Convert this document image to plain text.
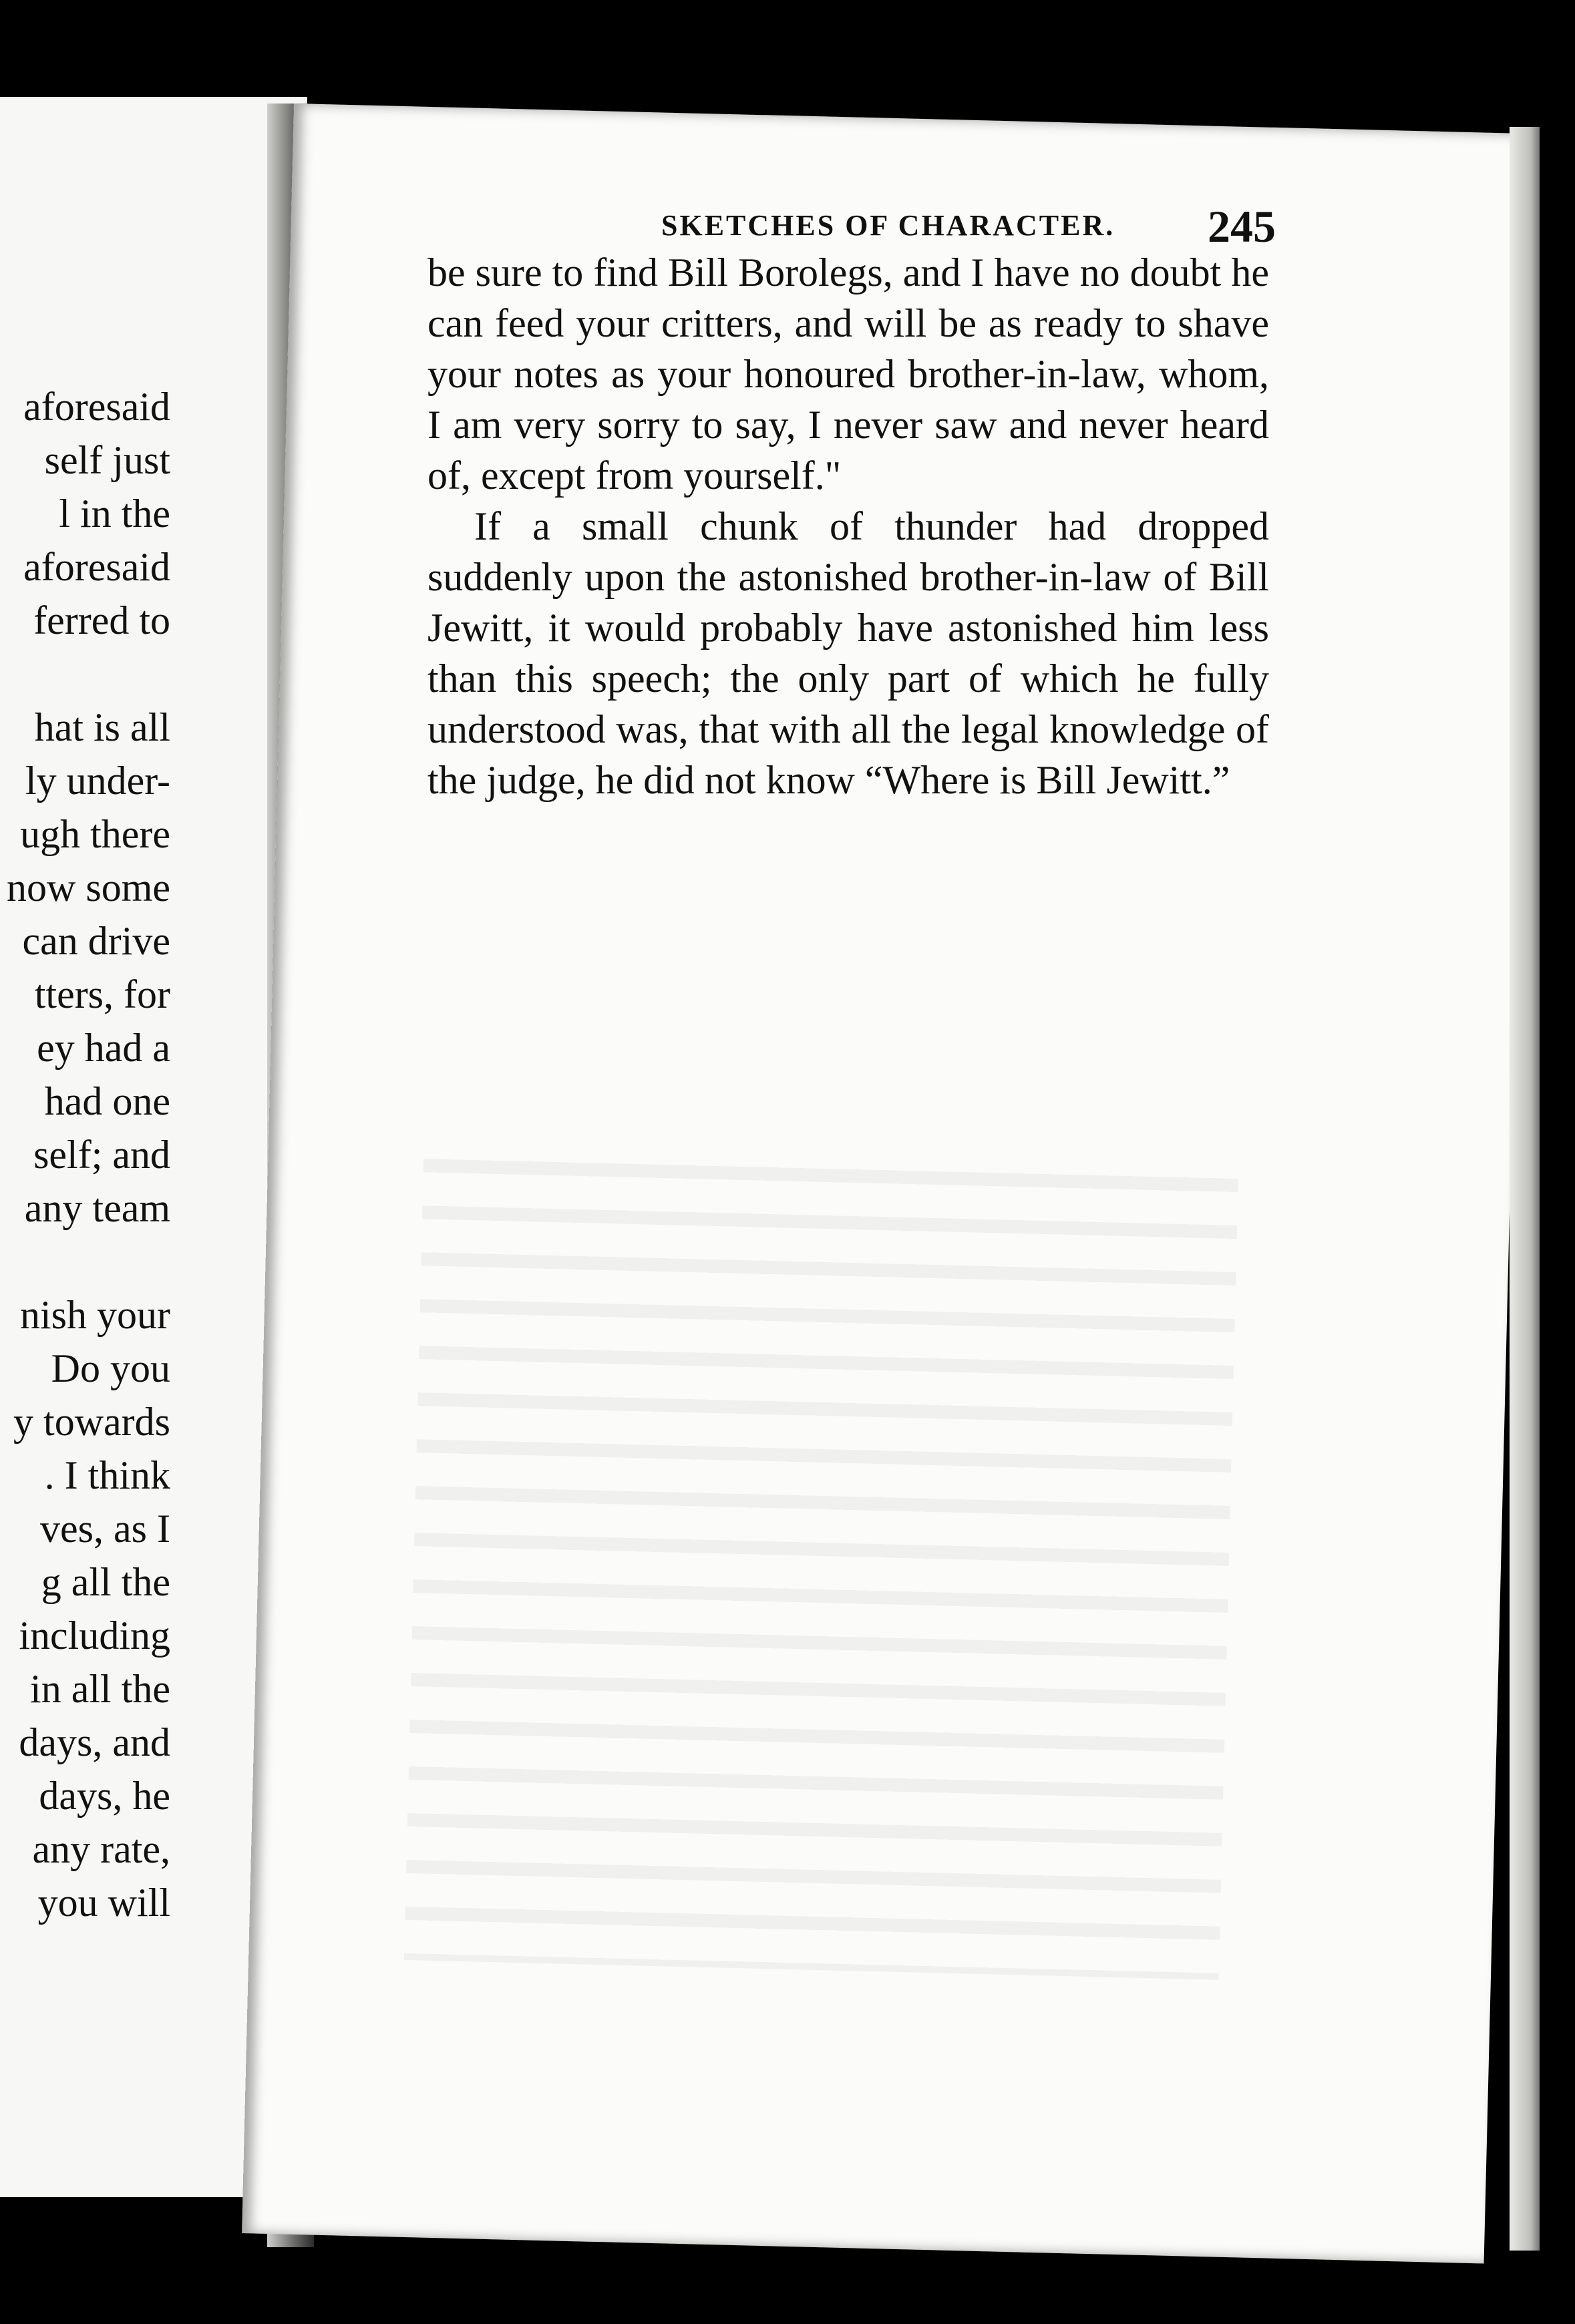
aforesaid
self just
l in the
aforesaid
ferred to
hat is all
ly under-
ugh there
now some
can drive
tters, for
ey had a
had one
self; and
any team
nish your
Do you
y towards
. I think
ves, as I
g all the
including
in all the
days, and
days, he
any rate,
you will
SKETCHES OF CHARACTER. 245

be sure to find Bill Borolegs, and I have no doubt he can feed your critters, and will be as ready to shave your notes as your honoured brother-in-law, whom, I am very sorry to say, I never saw and never heard of, except from yourself."

If a small chunk of thunder had dropped suddenly upon the astonished brother-in-law of Bill Jewitt, it would probably have astonished him less than this speech; the only part of which he fully understood was, that with all the legal knowledge of the judge, he did not know “Where is Bill Jewitt.”
